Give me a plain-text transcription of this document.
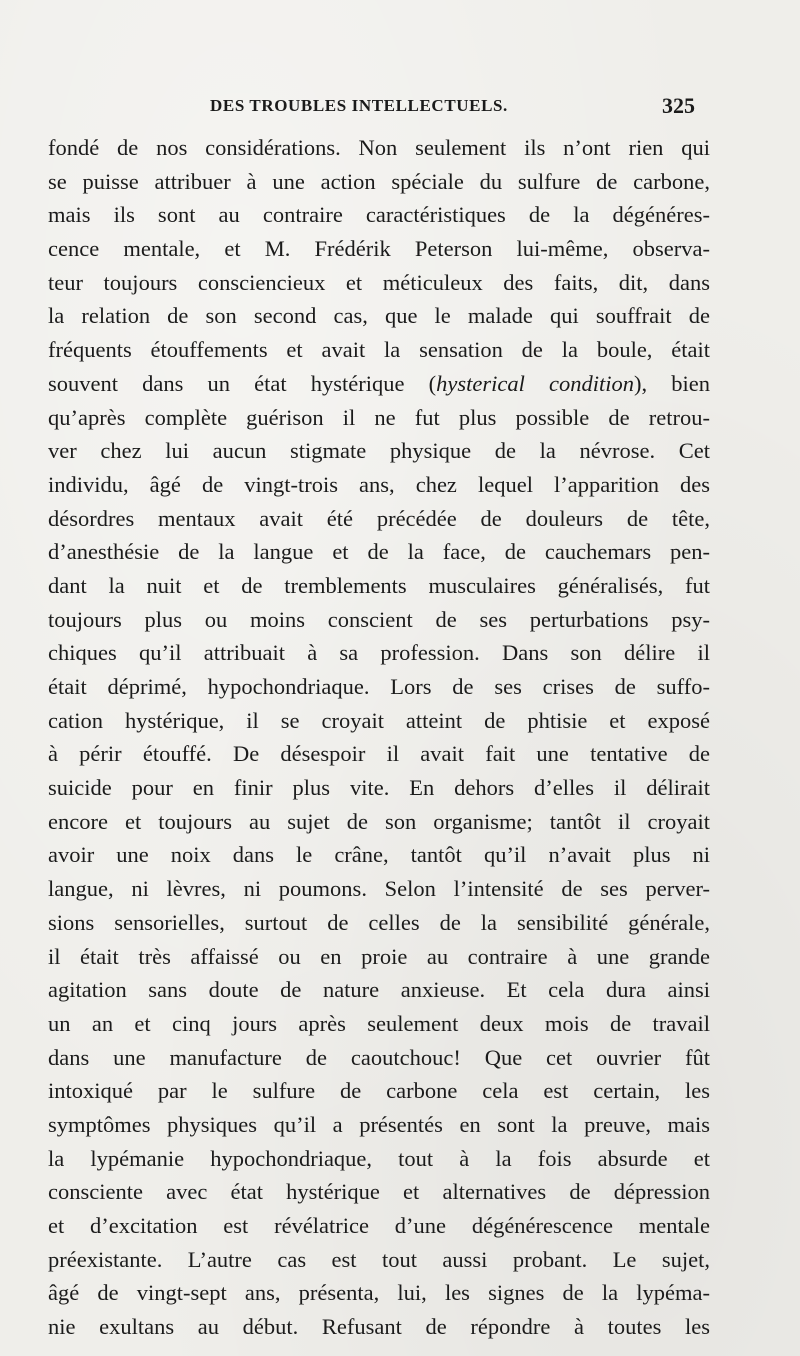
DES TROUBLES INTELLECTUELS.	325
fondé de nos considérations. Non seulement ils n’ont rien qui
se puisse attribuer à une action spéciale du sulfure de carbone,
mais ils sont au contraire caractéristiques de la dégénéres-
cence mentale, et M. Frédérik Peterson lui-même, observa-
teur toujours consciencieux et méticuleux des faits, dit, dans
la relation de son second cas, que le malade qui souffrait de
fréquents étouffements et avait la sensation de la boule, était
souvent dans un état hystérique (hysterical condition), bien
qu’après complète guérison il ne fut plus possible de retrou-
ver chez lui aucun stigmate physique de la névrose. Cet
individu, âgé de vingt-trois ans, chez lequel l’apparition des
désordres mentaux avait été précédée de douleurs de tête,
d’anesthésie de la langue et de la face, de cauchemars pen-
dant la nuit et de tremblements musculaires généralisés, fut
toujours plus ou moins conscient de ses perturbations psy-
chiques qu’il attribuait à sa profession. Dans son délire il
était déprimé, hypochondriaque. Lors de ses crises de suffo-
cation hystérique, il se croyait atteint de phtisie et exposé
à périr étouffé. De désespoir il avait fait une tentative de
suicide pour en finir plus vite. En dehors d’elles il délirait
encore et toujours au sujet de son organisme; tantôt il croyait
avoir une noix dans le crâne, tantôt qu’il n’avait plus ni
langue, ni lèvres, ni poumons. Selon l’intensité de ses perver-
sions sensorielles, surtout de celles de la sensibilité générale,
il était très affaissé ou en proie au contraire à une grande
agitation sans doute de nature anxieuse. Et cela dura ainsi
un an et cinq jours après seulement deux mois de travail
dans une manufacture de caoutchouc! Que cet ouvrier fût
intoxiqué par le sulfure de carbone cela est certain, les
symptômes physiques qu’il a présentés en sont la preuve, mais
la lypémanie hypochondriaque, tout à la fois absurde et
consciente avec état hystérique et alternatives de dépression
et d’excitation est révélatrice d’une dégénérescence mentale
préexistante. L’autre cas est tout aussi probant. Le sujet,
âgé de vingt-sept ans, présenta, lui, les signes de la lypéma-
nie exultans au début. Refusant de répondre à toutes les
